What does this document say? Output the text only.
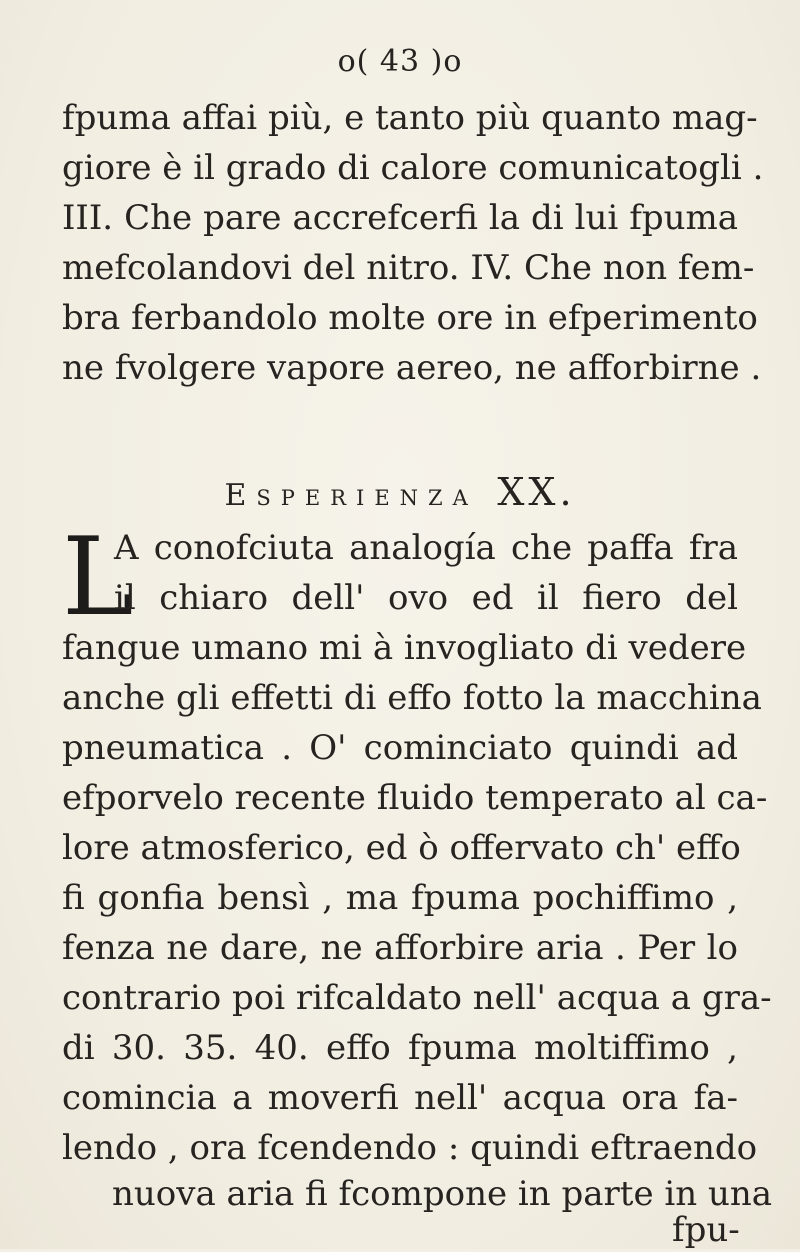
o( 43 )o
fpuma affai più, e tanto più quanto mag-
giore è il grado di calore comunicatogli .
III. Che pare accrefcerfi la di lui fpuma
mefcolandovi del nitro. IV. Che non fem-
bra ferbandolo molte ore in efperimento
ne fvolgere vapore aereo, ne afforbirne .
Esperienza XX.
L
A conofciuta analogía che paffa fra
il chiaro dell' ovo ed il fiero del
fangue umano mi à invogliato di vedere
anche gli effetti di effo fotto la macchina
pneumatica . O' cominciato quindi ad
efporvelo recente fluido temperato al ca-
lore atmosferico, ed ò offervato ch' effo
fi gonfia bensì , ma fpuma pochiffimo ,
fenza ne dare, ne afforbire aria . Per lo
contrario poi rifcaldato nell' acqua a gra-
di 30. 35. 40. effo fpuma moltiffimo ,
comincia a moverfi nell' acqua ora fa-
lendo , ora fcendendo : quindi eftraendo
nuova aria fi fcompone in parte in una
fpu-
